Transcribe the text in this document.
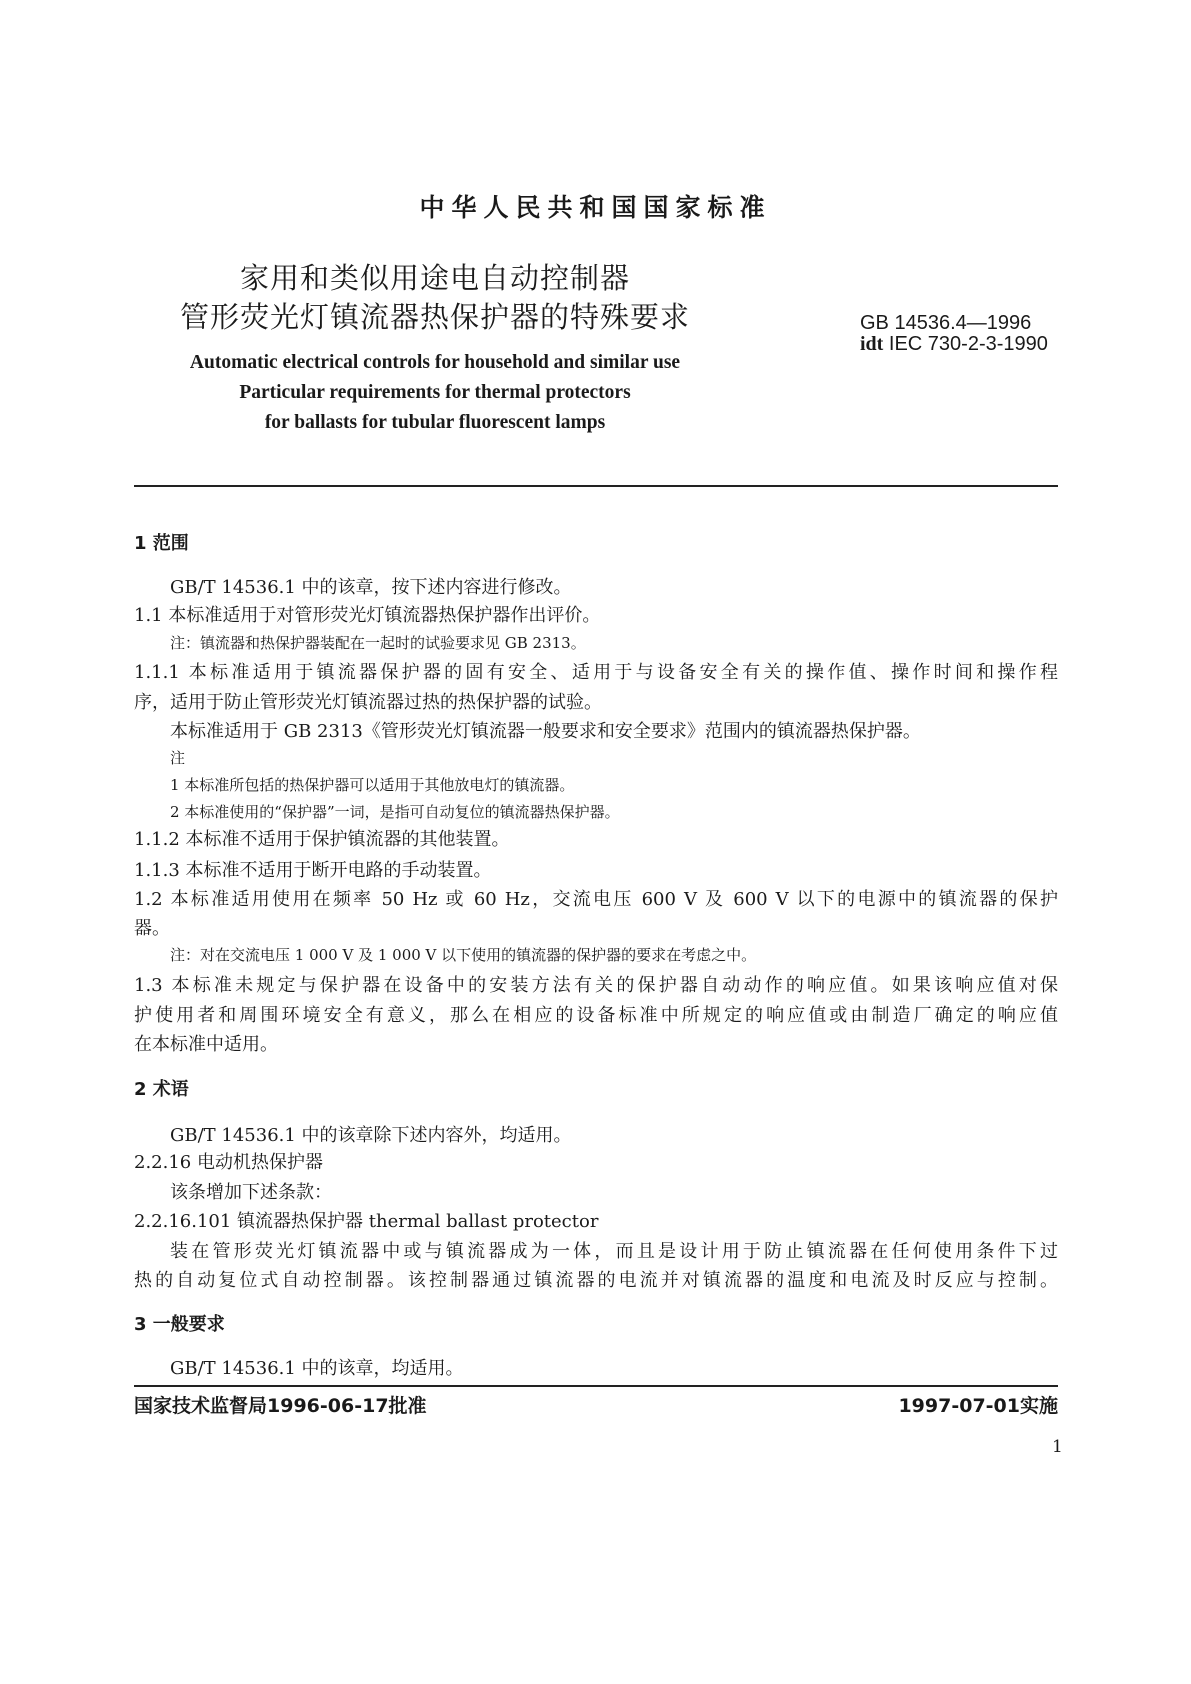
中华人民共和国国家标准
家用和类似用途电自动控制器
管形荧光灯镇流器热保护器的特殊要求	GB 14536.4—1996
idt IEC 730-2-3-1990
Automatic electrical controls for household and similar use
Particular requirements for thermal protectors
for ballasts for tubular fluorescent lamps
1 范围
GB/T 14536.1 中的该章，按下述内容进行修改。
1.1 本标准适用于对管形荧光灯镇流器热保护器作出评价。
注：镇流器和热保护器装配在一起时的试验要求见 GB 2313。
1.1.1 本标准适用于镇流器保护器的固有安全、适用于与设备安全有关的操作值、操作时间和操作程
序，适用于防止管形荧光灯镇流器过热的热保护器的试验。
本标准适用于 GB 2313《管形荧光灯镇流器一般要求和安全要求》范围内的镇流器热保护器。
注
1 本标准所包括的热保护器可以适用于其他放电灯的镇流器。
2 本标准使用的“保护器”一词，是指可自动复位的镇流器热保护器。
1.1.2 本标准不适用于保护镇流器的其他装置。
1.1.3 本标准不适用于断开电路的手动装置。
1.2 本标准适用使用在频率 50 Hz 或 60 Hz，交流电压 600 V 及 600 V 以下的电源中的镇流器的保护
器。
注：对在交流电压 1 000 V 及 1 000 V 以下使用的镇流器的保护器的要求在考虑之中。
1.3 本标准未规定与保护器在设备中的安装方法有关的保护器自动动作的响应值。如果该响应值对保
护使用者和周围环境安全有意义，那么在相应的设备标准中所规定的响应值或由制造厂确定的响应值
在本标准中适用。
2 术语
GB/T 14536.1 中的该章除下述内容外，均适用。
2.2.16 电动机热保护器
该条增加下述条款：
2.2.16.101 镇流器热保护器 thermal ballast protector
装在管形荧光灯镇流器中或与镇流器成为一体，而且是设计用于防止镇流器在任何使用条件下过
热的自动复位式自动控制器。该控制器通过镇流器的电流并对镇流器的温度和电流及时反应与控制。
3 一般要求
GB/T 14536.1 中的该章，均适用。
国家技术监督局1996-06-17批准	1997-07-01实施
1
